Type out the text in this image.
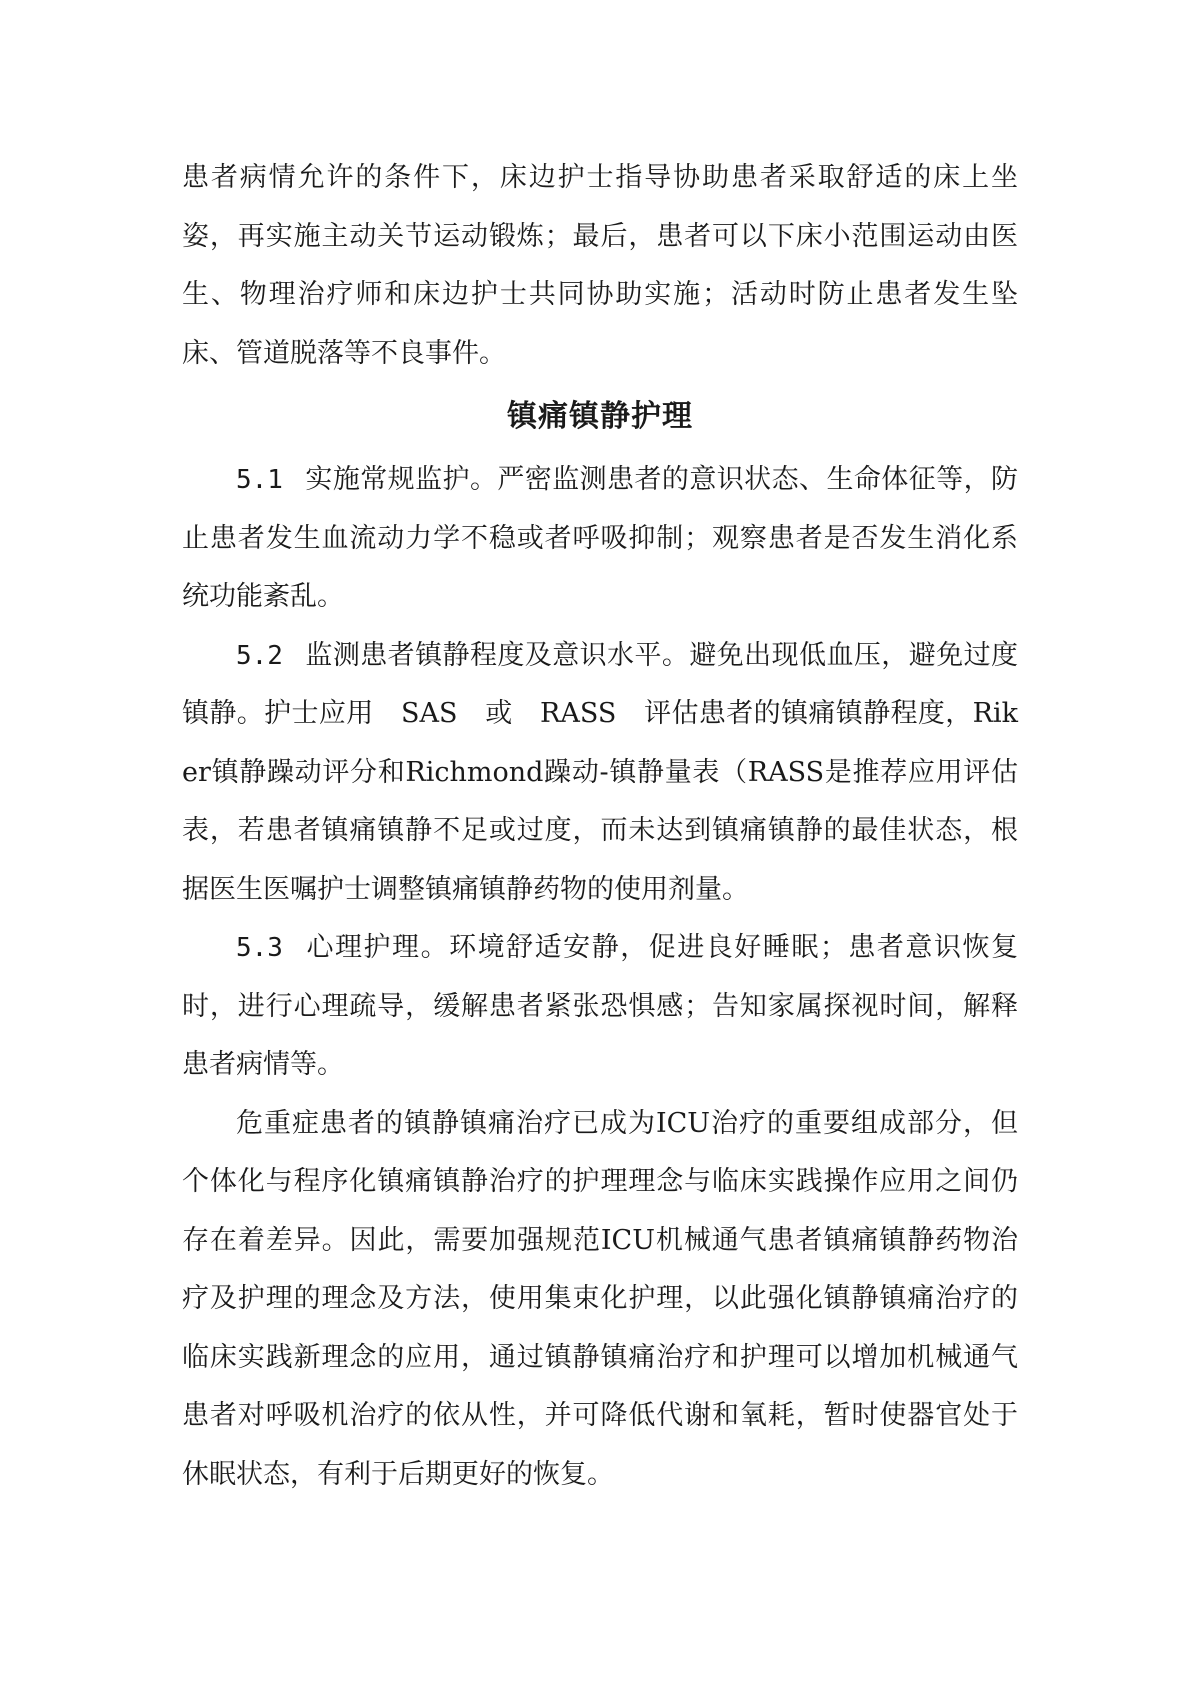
患者病情允许的条件下，床边护士指导协助患者采取舒适的床上坐姿，再实施主动关节运动锻炼；最后，患者可以下床小范围运动由医生、物理治疗师和床边护士共同协助实施；活动时防止患者发生坠床、管道脱落等不良事件。

镇痛镇静护理

5.1 实施常规监护。严密监测患者的意识状态、生命体征等，防止患者发生血流动力学不稳或者呼吸抑制；观察患者是否发生消化系统功能紊乱。

5.2 监测患者镇静程度及意识水平。避免出现低血压，避免过度镇静。护士应用　SAS　或　RASS　评估患者的镇痛镇静程度，Riker镇静躁动评分和Richmond躁动-镇静量表（RASS是推荐应用评估表，若患者镇痛镇静不足或过度，而未达到镇痛镇静的最佳状态，根据医生医嘱护士调整镇痛镇静药物的使用剂量。

5.3 心理护理。环境舒适安静，促进良好睡眠；患者意识恢复时，进行心理疏导，缓解患者紧张恐惧感；告知家属探视时间，解释患者病情等。

危重症患者的镇静镇痛治疗已成为ICU治疗的重要组成部分，但个体化与程序化镇痛镇静治疗的护理理念与临床实践操作应用之间仍存在着差异。因此，需要加强规范ICU机械通气患者镇痛镇静药物治疗及护理的理念及方法，使用集束化护理，以此强化镇静镇痛治疗的临床实践新理念的应用，通过镇静镇痛治疗和护理可以增加机械通气患者对呼吸机治疗的依从性，并可降低代谢和氧耗，暂时使器官处于休眠状态，有利于后期更好的恢复。
